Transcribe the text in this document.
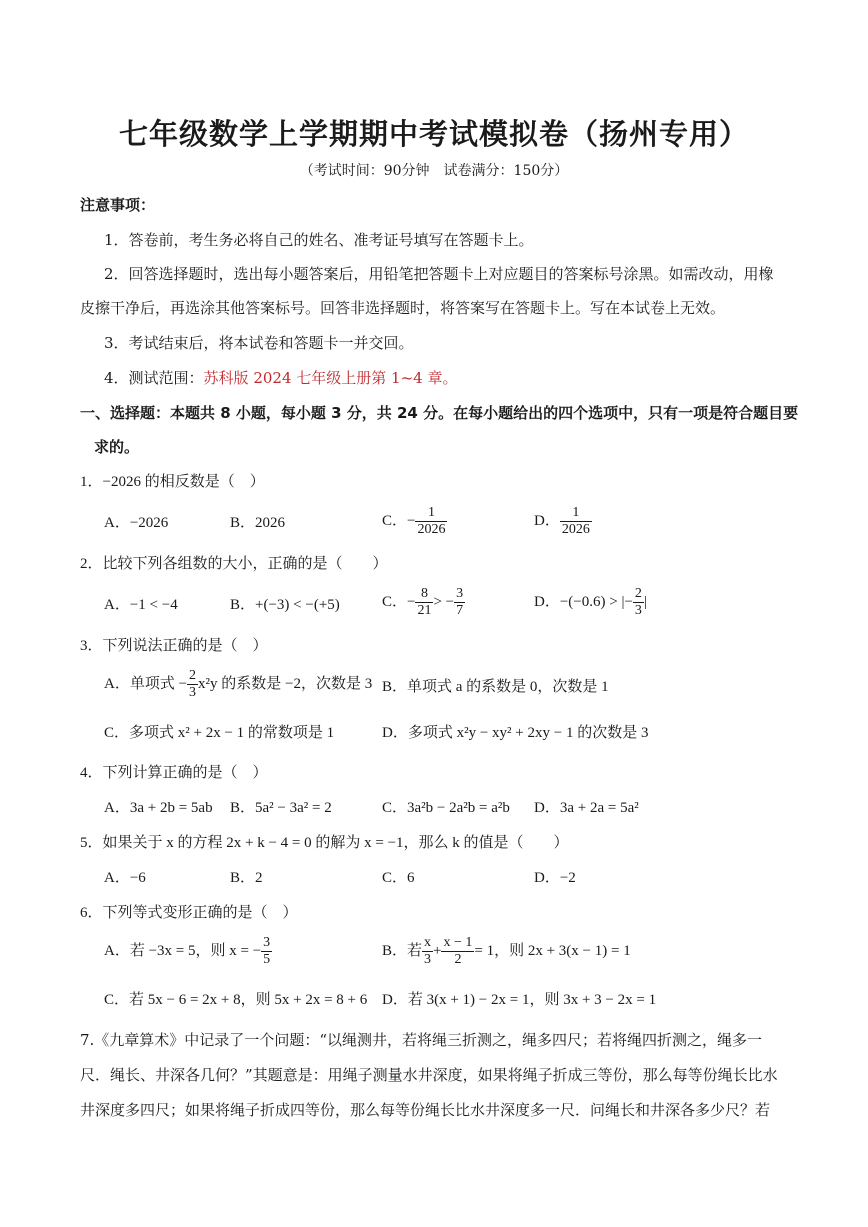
七年级数学上学期期中考试模拟卷（扬州专用）
（考试时间：90分钟　试卷满分：150分）
注意事项：
1．答卷前，考生务必将自己的姓名、准考证号填写在答题卡上。
2．回答选择题时，选出每小题答案后，用铅笔把答题卡上对应题目的答案标号涂黑。如需改动，用橡
皮擦干净后，再选涂其他答案标号。回答非选择题时，将答案写在答题卡上。写在本试卷上无效。
3．考试结束后，将本试卷和答题卡一并交回。
4．测试范围：苏科版 2024 七年级上册第 1~4 章。
一、选择题：本题共 8 小题，每小题 3 分，共 24 分。在每小题给出的四个选项中，只有一项是符合题目要
求的。
1．−2026 的相反数是（　）
A．−2026	B．2026	C．− $\frac{1}{2026}$	D． $\frac{1}{2026}$
2．比较下列各组数的大小，正确的是（　　）
A．−1 < −4	B．+(−3) < −(+5)	C．− $\frac{8}{21}$ > − $\frac{3}{7}$	D．−(−0.6) > |− $\frac{2}{3}$ |
3．下列说法正确的是（　）
A．单项式 − $\frac{2}{3} x^2y$ 的系数是 −2，次数是 3 B．单项式 a 的系数是 0，次数是 1
C．多项式 x² + 2x − 1 的常数项是 1	D．多项式 x²y − xy² + 2xy − 1 的次数是 3
4．下列计算正确的是（　）
A．3a + 2b = 5ab B．5a² − 3a² = 2	C．3a²b − 2a²b = a²b D．3a + 2a = 5a²
5．如果关于 x 的方程 2x + k − 4 = 0 的解为 x = −1，那么 k 的值是（　　）
A．−6	B．2	C．6	D．−2
6．下列等式变形正确的是（　）
A．若 −3x = 5，则 x = − $\frac{3}{5}$	B．若 $\frac{x}{3} + \frac{x - 1}{2} = 1$，则 2x + 3(x − 1) = 1
C．若 5x − 6 = 2x + 8，则 5x + 2x = 8 + 6 D．若 3(x + 1) − 2x = 1，则 3x + 3 − 2x = 1
7.《九章算术》中记录了一个问题：“以绳测井，若将绳三折测之，绳多四尺；若将绳四折测之，绳多一
尺．绳长、井深各几何？”其题意是：用绳子测量水井深度，如果将绳子折成三等份，那么每等份绳长比水
井深度多四尺；如果将绳子折成四等份，那么每等份绳长比水井深度多一尺．问绳长和井深各多少尺？若
